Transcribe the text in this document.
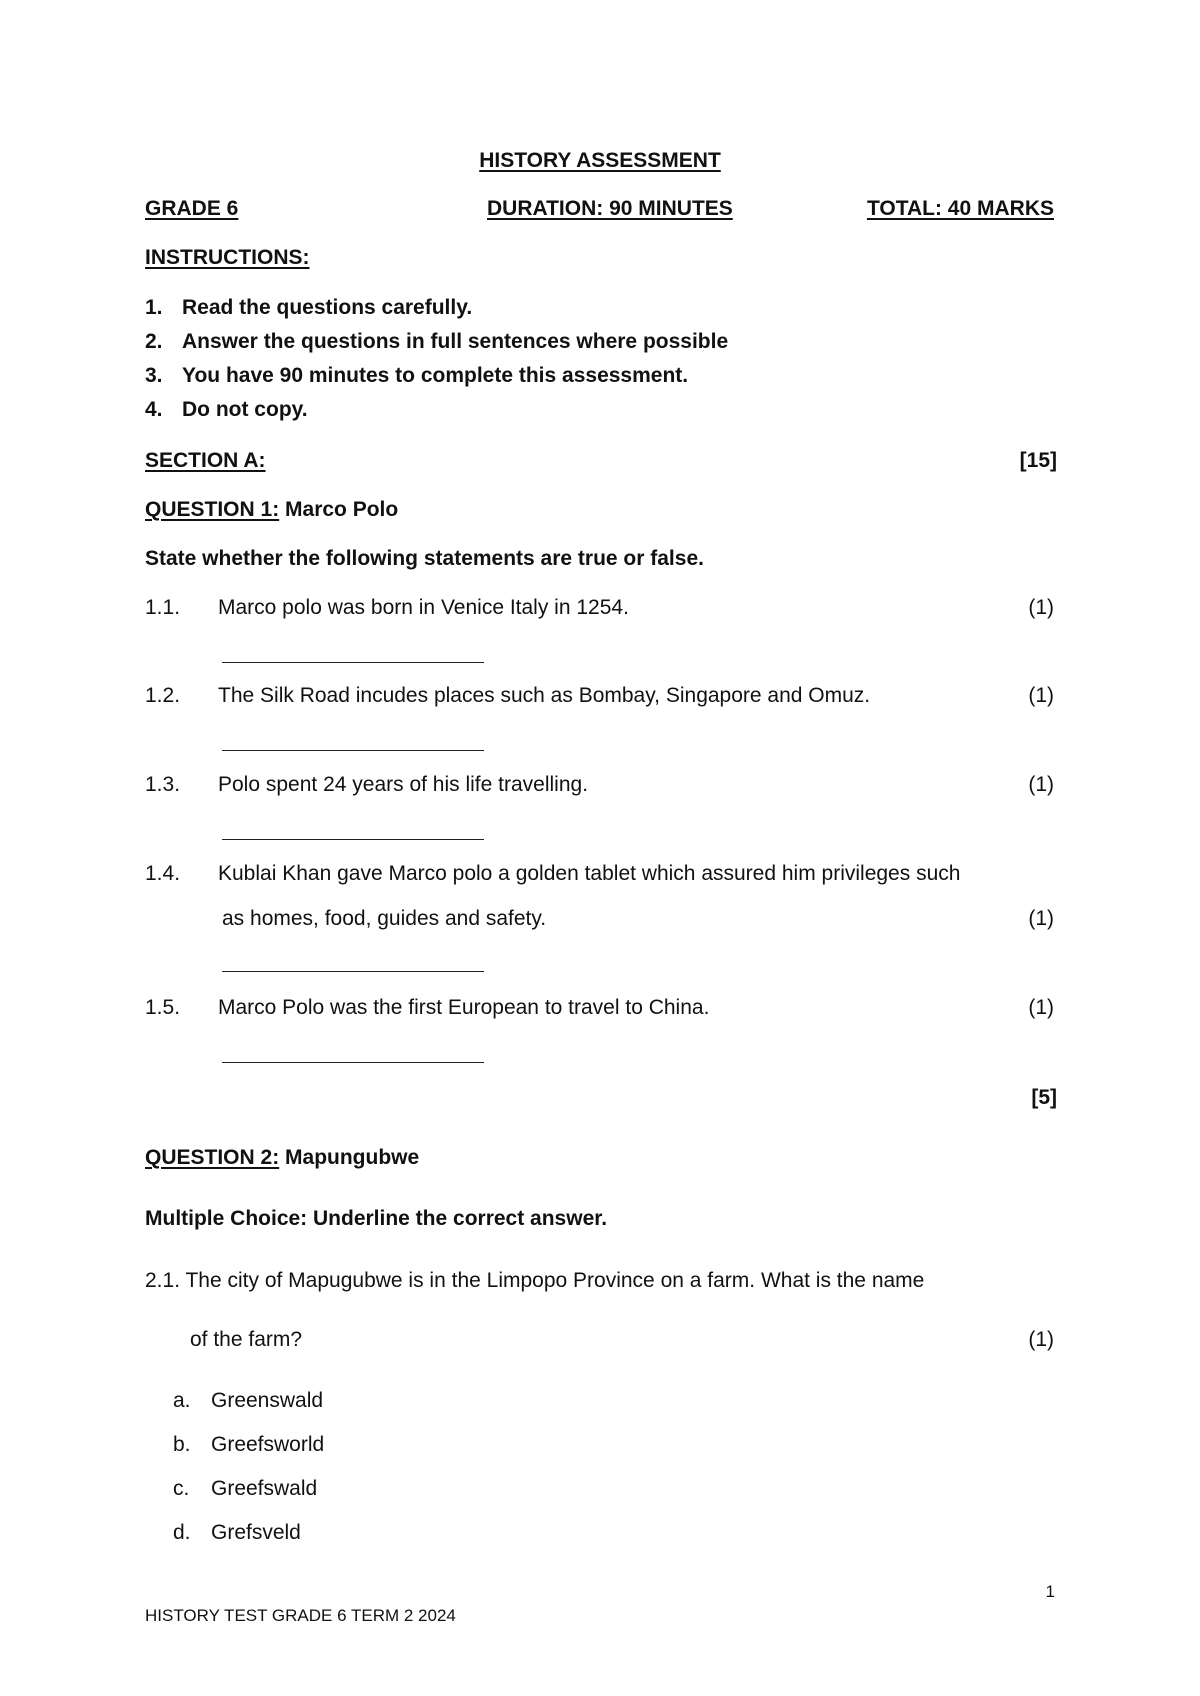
HISTORY ASSESSMENT
GRADE 6	DURATION: 90 MINUTES	TOTAL: 40 MARKS
INSTRUCTIONS:
1. Read the questions carefully.
2. Answer the questions in full sentences where possible
3. You have 90 minutes to complete this assessment.
4. Do not copy.
SECTION A:	[15]
QUESTION 1: Marco Polo
State whether the following statements are true or false.
1.1. Marco polo was born in Venice Italy in 1254.	(1)
1.2. The Silk Road incudes places such as Bombay, Singapore and Omuz.	(1)
1.3. Polo spent 24 years of his life travelling.	(1)
1.4. Kublai Khan gave Marco polo a golden tablet which assured him privileges such
as homes, food, guides and safety.	(1)
1.5. Marco Polo was the first European to travel to China.	(1)
[5]
QUESTION 2: Mapungubwe
Multiple Choice: Underline the correct answer.
2.1. The city of Mapugubwe is in the Limpopo Province on a farm. What is the name
of the farm?	(1)
a. Greenswald
b. Greefsworld
c. Greefswald
d. Grefsveld
1
HISTORY TEST GRADE 6 TERM 2 2024
